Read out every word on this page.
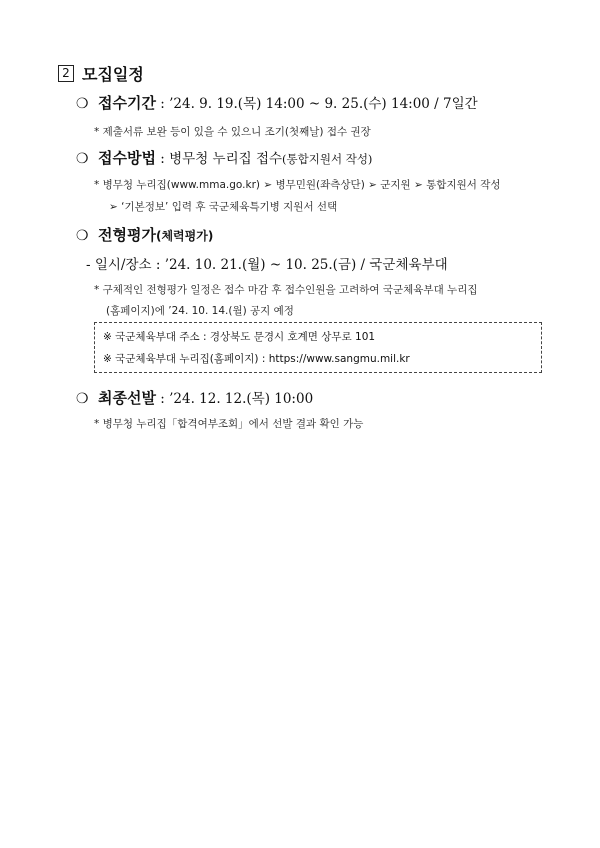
2 모집일정
❍ 접수기간 : ’24. 9. 19.(목) 14:00 ~ 9. 25.(수) 14:00 / 7일간
* 제출서류 보완 등이 있을 수 있으니 조기(첫째날) 접수 권장
❍ 접수방법 : 병무청 누리집 접수 (통합지원서 작성)
* 병무청 누리집(www.mma.go.kr) ➢ 병무민원(좌측상단) ➢ 군지원 ➢ 통합지원서 작성
➢ ‘기본정보’ 입력 후 국군체육특기병 지원서 선택
❍ 전형평가 (체력평가)
- 일시/장소 : ’24. 10. 21.(월) ~ 10. 25.(금) / 국군체육부대
* 구체적인 전형평가 일정은 접수 마감 후 접수인원을 고려하여 국군체육부대 누리집
(홈페이지)에 ’24. 10. 14.(월) 공지 예정
※ 국군체육부대 주소 : 경상북도 문경시 호계면 상무로 101
※ 국군체육부대 누리집(홈페이지) : https://www.sangmu.mil.kr
❍ 최종선발 : ’24. 12. 12.(목) 10:00
* 병무청 누리집「합격여부조회」에서 선발 결과 확인 가능
